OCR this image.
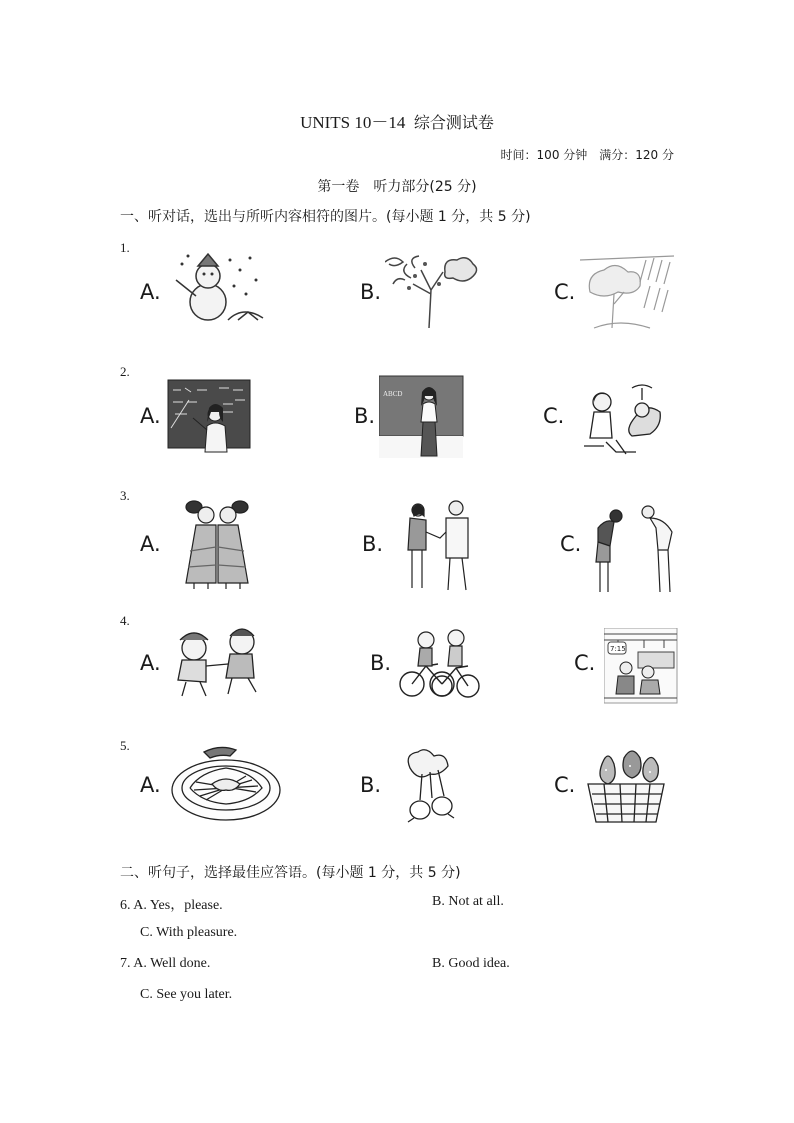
UNITS 10－14 综合测试卷
时间：100 分钟　满分：120 分
第一卷　听力部分(25 分)
一、听对话，选出与所听内容相符的图片。(每小题 1 分，共 5 分)
1.
A.	B.	C.
2.
A.	B.
ABCD
C.
3.
A.	B.	C.
4.
A.	B.	C.
7:15
5.
A.	B.	C.
二、听句子，选择最佳应答语。(每小题 1 分，共 5 分)
6. A. Yes，please.	B. Not at all.
C. With pleasure.
7. A. Well done.	B. Good idea.
C. See you later.
